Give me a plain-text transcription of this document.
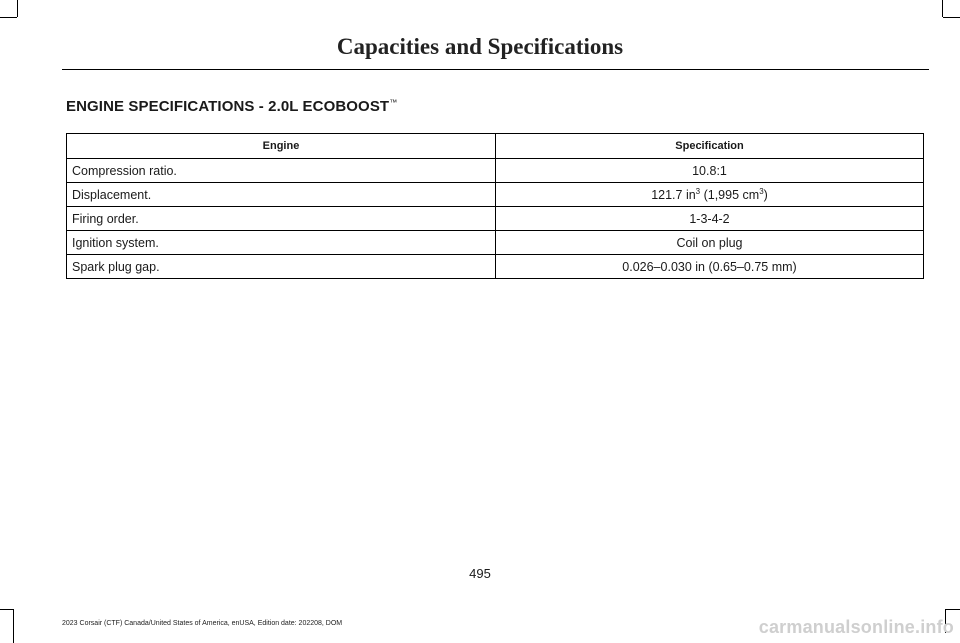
Capacities and Specifications
ENGINE SPECIFICATIONS - 2.0L ECOBOOST™
Engine	Specification
Compression ratio.	10.8:1
Displacement.	121.7 $in^3$ (1,995 $cm^3$)
Firing order.	1-3-4-2
Ignition system.	Coil on plug
Spark plug gap.	0.026–0.030 in (0.65–0.75 mm)
495
2023 Corsair (CTF) Canada/United States of America, enUSA, Edition date: 202208, DOM	carmanualsonline.info
